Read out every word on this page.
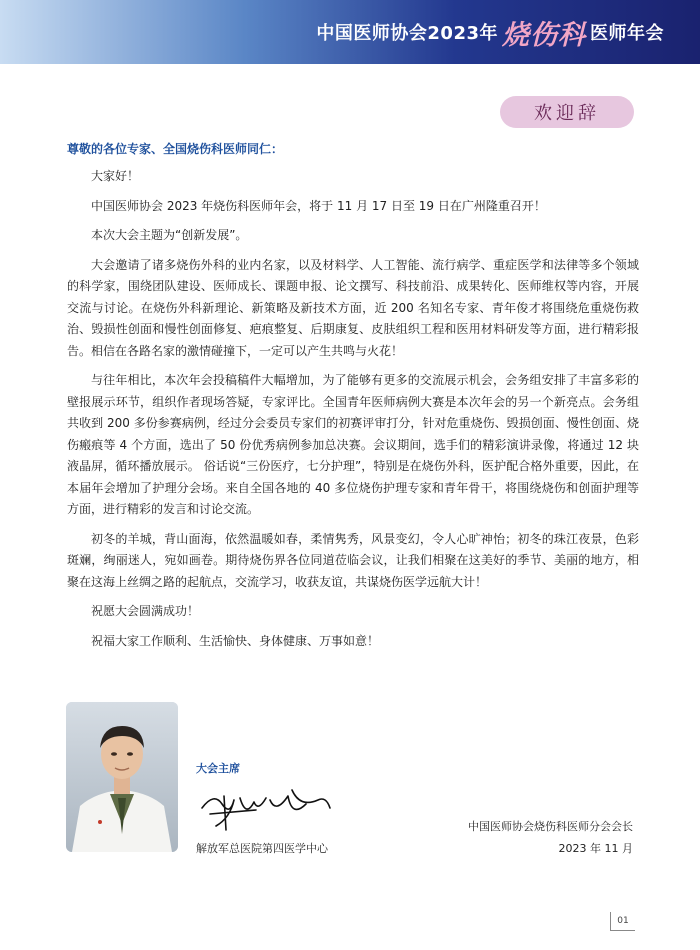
中国医师协会2023年 烧伤科 医师年会
欢迎辞
尊敬的各位专家、全国烧伤科医师同仁：

大家好！

中国医师协会 2023 年烧伤科医师年会，将于 11 月 17 日至 19 日在广州隆重召开！

本次大会主题为“创新发展”。

大会邀请了诸多烧伤外科的业内名家，以及材料学、人工智能、流行病学、重症医学和法律等多个领域的科学家，围绕团队建设、医师成长、课题申报、论文撰写、科技前沿、成果转化、医师维权等内容，开展交流与讨论。在烧伤外科新理论、新策略及新技术方面，近 200 名知名专家、青年俊才将围绕危重烧伤救治、毁损性创面和慢性创面修复、疤痕整复、后期康复、皮肤组织工程和医用材料研发等方面，进行精彩报告。相信在各路名家的激情碰撞下，一定可以产生共鸣与火花！

与往年相比，本次年会投稿稿件大幅增加，为了能够有更多的交流展示机会，会务组安排了丰富多彩的壁报展示环节，组织作者现场答疑，专家评比。全国青年医师病例大赛是本次年会的另一个新亮点。会务组共收到 200 多份参赛病例，经过分会委员专家们的初赛评审打分，针对危重烧伤、毁损创面、慢性创面、烧伤瘢痕等 4 个方面，选出了 50 份优秀病例参加总决赛。会议期间，选手们的精彩演讲录像，将通过 12 块液晶屏，循环播放展示。 俗话说“三份医疗，七分护理”，特别是在烧伤外科，医护配合格外重要，因此，在本届年会增加了护理分会场。来自全国各地的 40 多位烧伤护理专家和青年骨干，将围绕烧伤和创面护理等方面，进行精彩的发言和讨论交流。

初冬的羊城，背山面海，依然温暖如春，柔情隽秀，风景变幻，令人心旷神怡；初冬的珠江夜景，色彩斑斓，绚丽迷人，宛如画卷。期待烧伤界各位同道莅临会议，让我们相聚在这美好的季节、美丽的地方，相聚在这海上丝绸之路的起航点，交流学习，收获友谊，共谋烧伤医学远航大计！

祝愿大会圆满成功！

祝福大家工作顺利、生活愉快、身体健康、万事如意！

大会主席
解放军总医院第四医学中心
中国医师协会烧伤科医师分会会长
2023 年 11 月
01
